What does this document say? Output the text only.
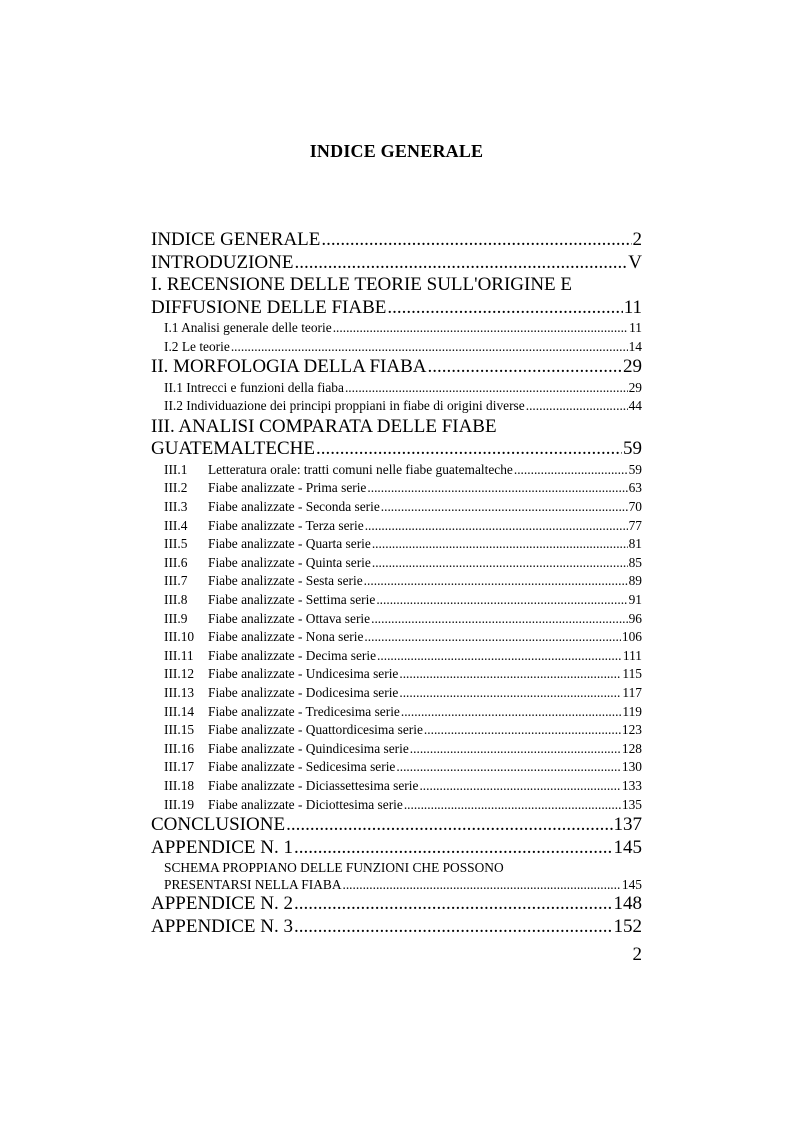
INDICE GENERALE
INDICE GENERALE .....	2
INTRODUZIONE .....	V
I. RECENSIONE DELLE TEORIE SULL'ORIGINE E
DIFFUSIONE DELLE FIABE .....	11
I.1 Analisi generale delle teorie .....	11
I.2 Le teorie .....	14
II. MORFOLOGIA DELLA FIABA .....	29
II.1 Intrecci e funzioni della fiaba .....	29
II.2 Individuazione dei principi proppiani in fiabe di origini diverse .....	44
III. ANALISI COMPARATA DELLE FIABE
GUATEMALTECHE .....	59
III.1	Letteratura orale: tratti comuni nelle fiabe guatemalteche .....	59
III.2	Fiabe analizzate - Prima serie .....	63
III.3	Fiabe analizzate - Seconda serie .....	70
III.4	Fiabe analizzate - Terza serie .....	77
III.5	Fiabe analizzate - Quarta serie .....	81
III.6	Fiabe analizzate - Quinta serie .....	85
III.7	Fiabe analizzate - Sesta serie .....	89
III.8	Fiabe analizzate - Settima serie .....	91
III.9	Fiabe analizzate - Ottava serie .....	96
III.10	Fiabe analizzate - Nona serie .....	106
III.11	Fiabe analizzate - Decima serie .....	111
III.12	Fiabe analizzate - Undicesima serie .....	115
III.13	Fiabe analizzate - Dodicesima serie .....	117
III.14	Fiabe analizzate - Tredicesima serie .....	119
III.15	Fiabe analizzate - Quattordicesima serie .....	123
III.16	Fiabe analizzate - Quindicesima serie .....	128
III.17	Fiabe analizzate - Sedicesima serie .....	130
III.18	Fiabe analizzate - Diciassettesima serie .....	133
III.19	Fiabe analizzate - Diciottesima serie .....	135
CONCLUSIONE .....	137
APPENDICE N. 1 .....	145
SCHEMA PROPPIANO DELLE FUNZIONI CHE POSSONO
PRESENTARSI NELLA FIABA .....	145
APPENDICE N. 2 .....	148
APPENDICE N. 3 .....	152
2
